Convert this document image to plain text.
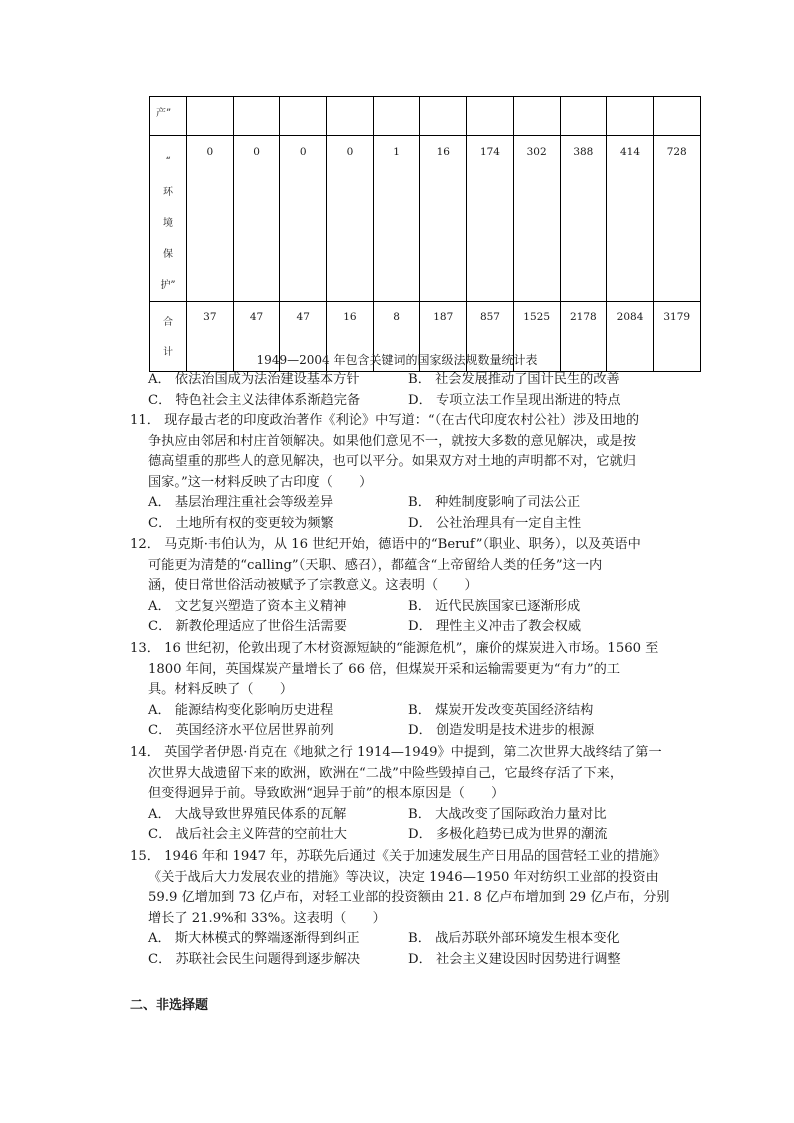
产”											

“
环
境
保
护”	0	0	0	0	1	16	174	302	388	414	728

合
计	37	47	47	16	8	187	857	1525	2178	2084	3179
1949—2004 年包含关键词的国家级法规数量统计表
A． 依法治国成为法治建设基本方针	B． 社会发展推动了国计民生的改善
C． 特色社会主义法律体系渐趋完备	D． 专项立法工作呈现出渐进的特点
11． 现存最古老的印度政治著作《利论》中写道：“（在古代印度农村公社）涉及田地的
争执应由邻居和村庄首领解决。如果他们意见不一，就按大多数的意见解决，或是按
德高望重的那些人的意见解决，也可以平分。如果双方对土地的声明都不对，它就归
国家。”这一材料反映了古印度（　　）
A． 基层治理注重社会等级差异	B． 种姓制度影响了司法公正
C． 土地所有权的变更较为频繁	D． 公社治理具有一定自主性
12． 马克斯·韦伯认为，从 16 世纪开始，德语中的“Beruf”（职业、职务），以及英语中
可能更为清楚的“calling”（天职、感召），都蕴含“上帝留给人类的任务”这一内
涵，使日常世俗活动被赋予了宗教意义。这表明（　　）
A． 文艺复兴塑造了资本主义精神	B． 近代民族国家已逐渐形成
C． 新教伦理适应了世俗生活需要	D． 理性主义冲击了教会权威
13． 16 世纪初，伦敦出现了木材资源短缺的“能源危机”，廉价的煤炭进入市场。1560 至
1800 年间，英国煤炭产量增长了 66 倍，但煤炭开采和运输需要更为“有力”的工
具。材料反映了（　　）
A． 能源结构变化影响历史进程	B． 煤炭开发改变英国经济结构
C． 英国经济水平位居世界前列	D． 创造发明是技术进步的根源
14． 英国学者伊恩·肖克在《地狱之行 1914—1949》中提到，第二次世界大战终结了第一
次世界大战遗留下来的欧洲，欧洲在“二战”中险些毁掉自己，它最终存活了下来，
但变得迥异于前。导致欧洲“迥异于前”的根本原因是（　　）
A． 大战导致世界殖民体系的瓦解	B． 大战改变了国际政治力量对比
C． 战后社会主义阵营的空前壮大	D． 多极化趋势已成为世界的潮流
15． 1946 年和 1947 年，苏联先后通过《关于加速发展生产日用品的国营轻工业的措施》
《关于战后大力发展农业的措施》等决议，决定 1946—1950 年对纺织工业部的投资由
59.9 亿增加到 73 亿卢布，对轻工业部的投资额由 21. 8 亿卢布增加到 29 亿卢布，分别
增长了 21.9%和 33%。这表明（　　）
A． 斯大林模式的弊端逐渐得到纠正	B． 战后苏联外部环境发生根本变化
C． 苏联社会民生问题得到逐步解决	D． 社会主义建设因时因势进行调整
二、非选择题
